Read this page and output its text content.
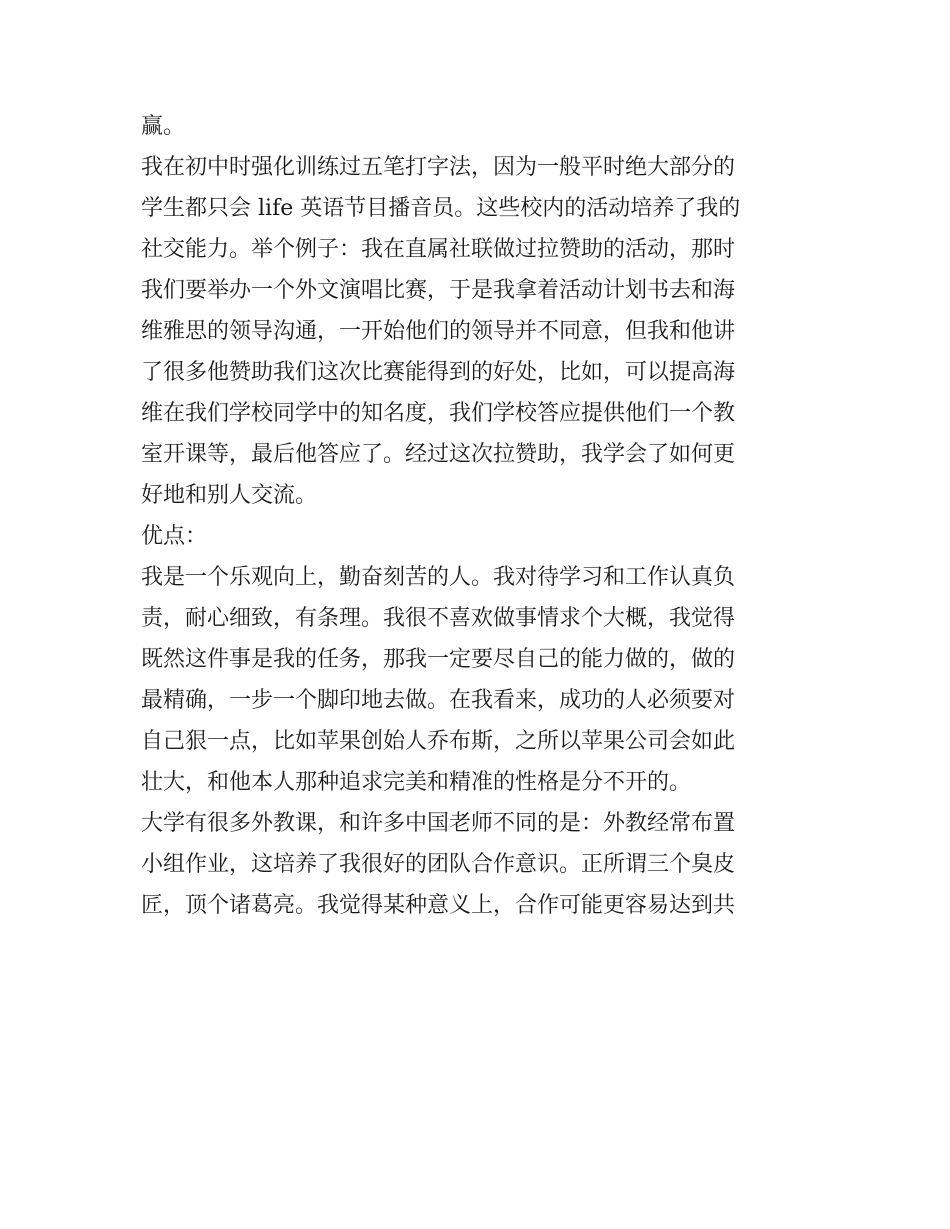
赢。
我在初中时强化训练过五笔打字法，因为一般平时绝大部分的
学生都只会 life 英语节目播音员。这些校内的活动培养了我的
社交能力。举个例子：我在直属社联做过拉赞助的活动，那时
我们要举办一个外文演唱比赛，于是我拿着活动计划书去和海
维雅思的领导沟通，一开始他们的领导并不同意，但我和他讲
了很多他赞助我们这次比赛能得到的好处，比如，可以提高海
维在我们学校同学中的知名度，我们学校答应提供他们一个教
室开课等，最后他答应了。经过这次拉赞助，我学会了如何更
好地和别人交流。
优点：
我是一个乐观向上，勤奋刻苦的人。我对待学习和工作认真负
责，耐心细致，有条理。我很不喜欢做事情求个大概，我觉得
既然这件事是我的任务，那我一定要尽自己的能力做的，做的
最精确，一步一个脚印地去做。在我看来，成功的人必须要对
自己狠一点，比如苹果创始人乔布斯，之所以苹果公司会如此
壮大，和他本人那种追求完美和精准的性格是分不开的。
大学有很多外教课，和许多中国老师不同的是：外教经常布置
小组作业，这培养了我很好的团队合作意识。正所谓三个臭皮
匠，顶个诸葛亮。我觉得某种意义上，合作可能更容易达到共
